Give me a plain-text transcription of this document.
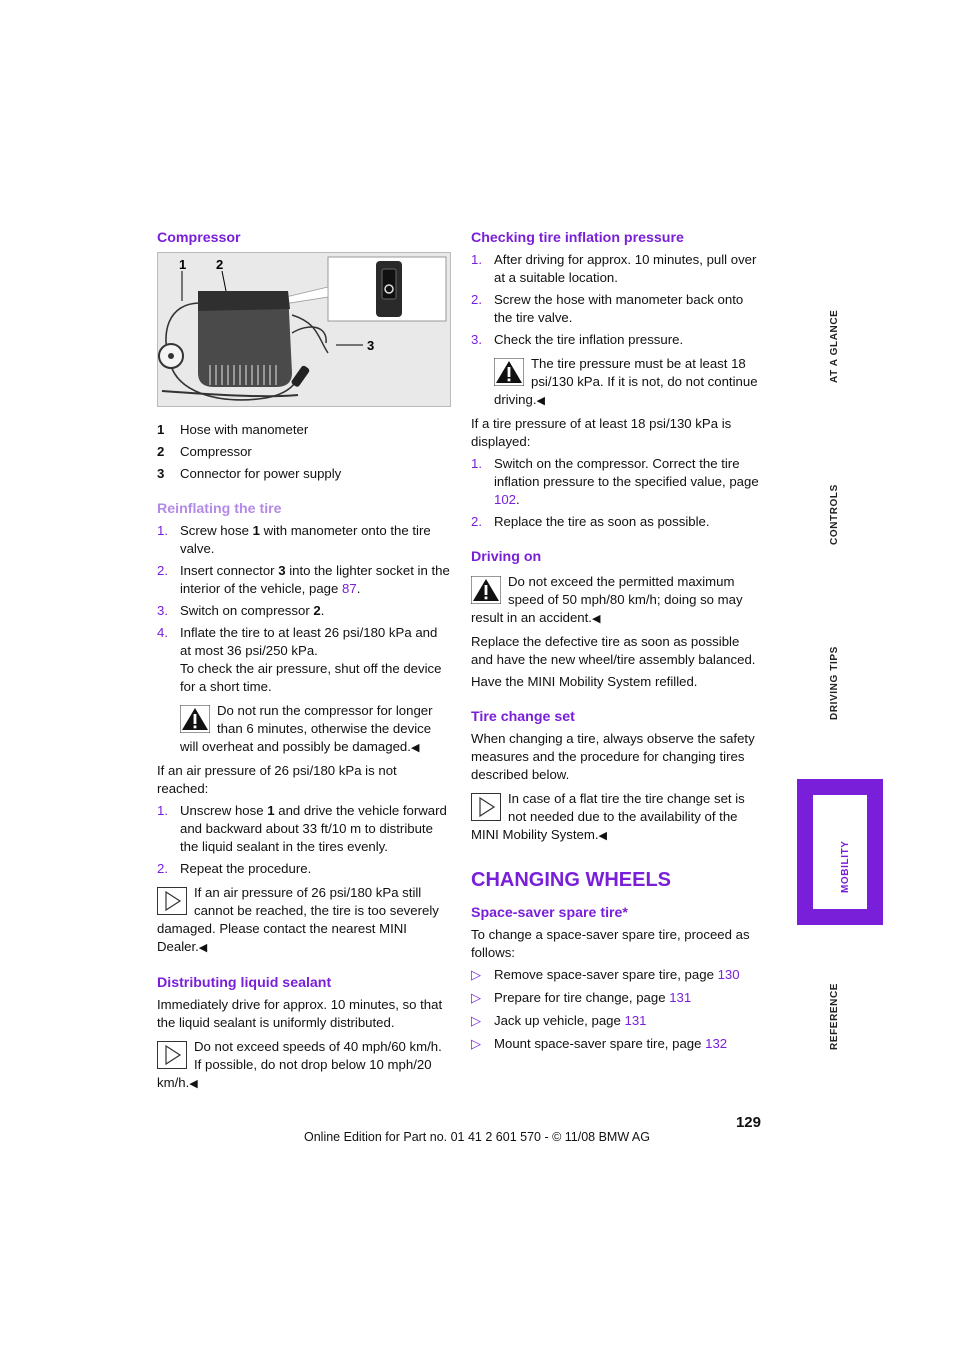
Compressor
1 2
3
1	Hose with manometer
2	Compressor
3	Connector for power supply
Reinflating the tire
1. Screw hose 1 with manometer onto the tire valve.
2. Insert connector 3 into the lighter socket in the interior of the vehicle, page 87.
3. Switch on compressor 2.
4. Inflate the tire to at least 26 psi/180 kPa and at most 36 psi/250 kPa.
To check the air pressure, shut off the device for a short time.

Do not run the compressor for longer than 6 minutes, otherwise the device will overheat and possibly be damaged.◀

If an air pressure of 26 psi/180 kPa is not reached:

1. Unscrew hose 1 and drive the vehicle forward and backward about 33 ft/10 m to distribute the liquid sealant in the tires evenly.
2. Repeat the procedure.

If an air pressure of 26 psi/180 kPa still cannot be reached, the tire is too severely damaged. Please contact the nearest MINI Dealer.◀

Distributing liquid sealant

Immediately drive for approx. 10 minutes, so that the liquid sealant is uniformly distributed.

Do not exceed speeds of 40 mph/60 km/h.

If possible, do not drop below 10 mph/20 km/h.◀

Checking tire inflation pressure
1. After driving for approx. 10 minutes, pull over at a suitable location.
2. Screw the hose with manometer back onto the tire valve.
3. Check the tire inflation pressure.

The tire pressure must be at least 18 psi/130 kPa. If it is not, do not continue driving.◀

If a tire pressure of at least 18 psi/130 kPa is displayed:

1. Switch on the compressor. Correct the tire inflation pressure to the specified value, page 102.
2. Replace the tire as soon as possible.
Driving on

Do not exceed the permitted maximum speed of 50 mph/80 km/h; doing so may result in an accident.◀

Replace the defective tire as soon as possible and have the new wheel/tire assembly balanced.

Have the MINI Mobility System refilled.

Tire change set

When changing a tire, always observe the safety measures and the procedure for changing tires described below.

In case of a flat tire the tire change set is not needed due to the availability of the MINI Mobility System.◀

CHANGING WHEELS
Space-saver spare tire*

To change a space-saver spare tire, proceed as follows:

▷ Remove space-saver spare tire, page 130
▷ Prepare for tire change, page 131
▷ Jack up vehicle, page 131
▷ Mount space-saver spare tire, page 132
AT A GLANCE
CONTROLS
DRIVING TIPS
MOBILITY
REFERENCE
129
Online Edition for Part no. 01 41 2 601 570 - © 11/08 BMW AG
